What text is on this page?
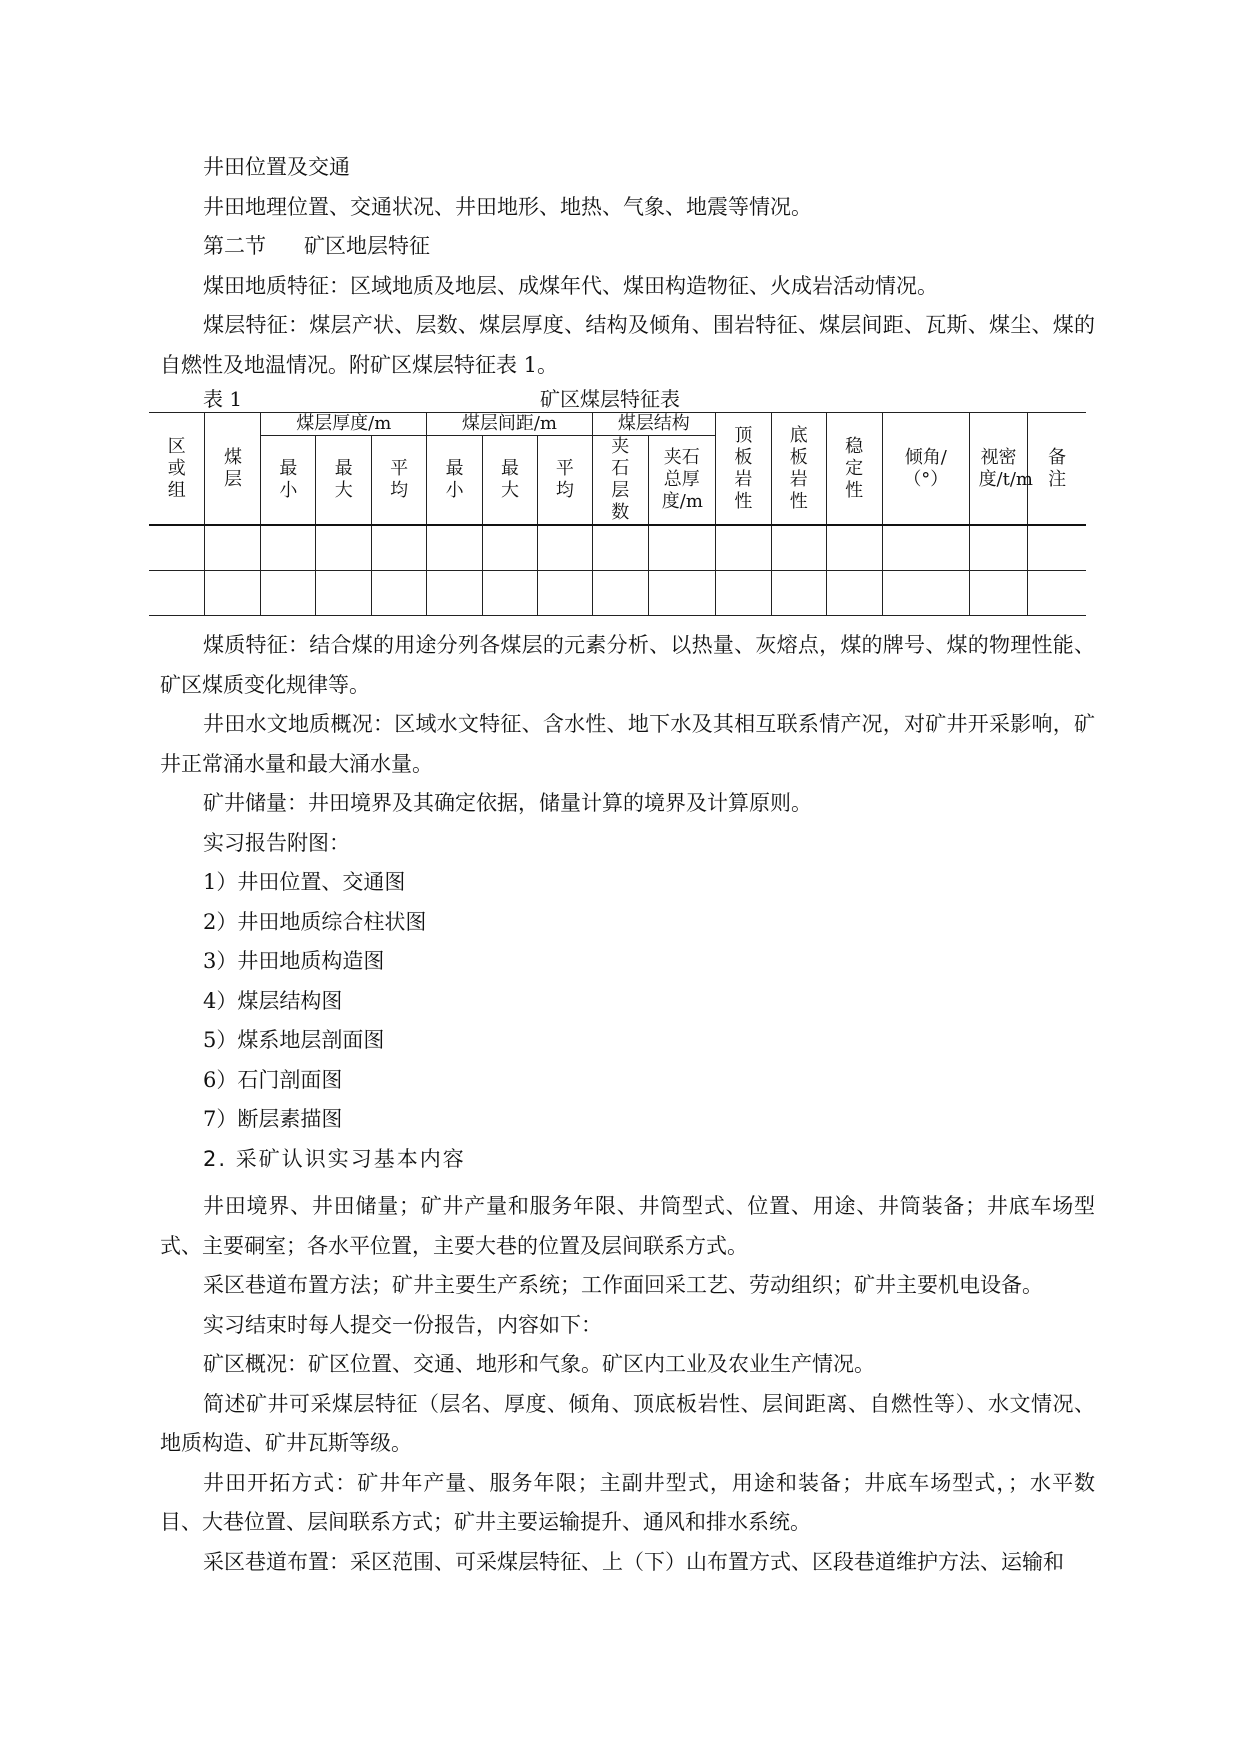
井田位置及交通
井田地理位置、交通状况、井田地形、地热、气象、地震等情况。
第二节 矿区地层特征
煤田地质特征：区域地质及地层、成煤年代、煤田构造物征、火成岩活动情况。
煤层特征：煤层产状、层数、煤层厚度、结构及倾角、围岩特征、煤层间距、瓦斯、煤尘、煤的自燃性及地温情况。附矿区煤层特征表 1。
表 1	矿区煤层特征表
区或组	煤层	煤层厚度/m			煤层间距/m			煤层结构		顶板岩性	底板岩性	稳定性	倾角/（°）	视密度/t/m	备注

		最小	最大	平均	最小	最大	平均	夹石层数	夹石总厚度/m						

煤质特征：结合煤的用途分列各煤层的元素分析、以热量、灰熔点，煤的牌号、煤的物理性能、矿区煤质变化规律等。
井田水文地质概况：区域水文特征、含水性、地下水及其相互联系情产况，对矿井开采影响，矿井正常涌水量和最大涌水量。
矿井储量：井田境界及其确定依据，储量计算的境界及计算原则。
实习报告附图：
1）井田位置、交通图
2）井田地质综合柱状图
3）井田地质构造图
4）煤层结构图
5）煤系地层剖面图
6）石门剖面图
7）断层素描图
2. 采矿认识实习基本内容
井田境界、井田储量；矿井产量和服务年限、井筒型式、位置、用途、井筒装备；井底车场型式、主要硐室；各水平位置，主要大巷的位置及层间联系方式。
采区巷道布置方法；矿井主要生产系统；工作面回采工艺、劳动组织；矿井主要机电设备。
实习结束时每人提交一份报告，内容如下：
矿区概况：矿区位置、交通、地形和气象。矿区内工业及农业生产情况。
简述矿井可采煤层特征（层名、厚度、倾角、顶底板岩性、层间距离、自燃性等）、水文情况、地质构造、矿井瓦斯等级。
井田开拓方式：矿井年产量、服务年限；主副井型式，用途和装备；井底车场型式，；水平数目、大巷位置、层间联系方式；矿井主要运输提升、通风和排水系统。
采区巷道布置：采区范围、可采煤层特征、上（下）山布置方式、区段巷道维护方法、运输和
